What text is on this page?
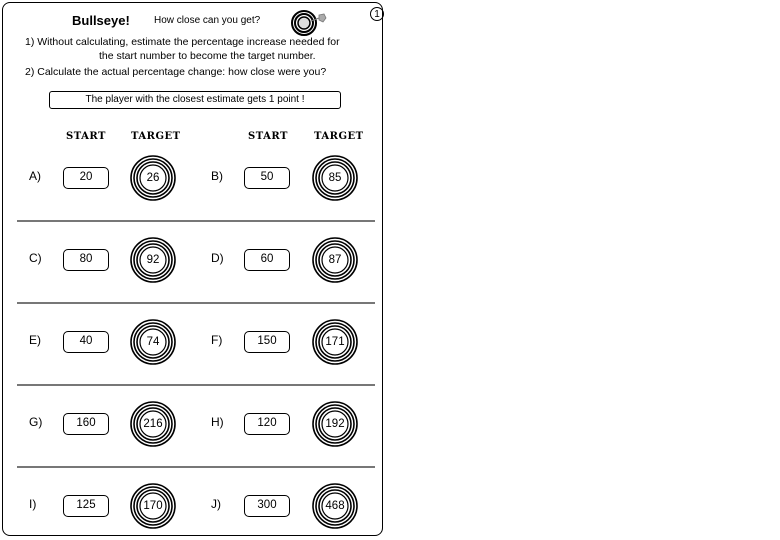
Bullseye! How close can you get?
1
1) Without calculating, estimate the percentage increase needed for
the start number to become the target number.
2) Calculate the actual percentage change: how close were you?
The player with the closest estimate gets 1 point !
START	TARGET	START	TARGET
A)	20	26	B)	50	85
C)	80	92	D)	60	87
E)	40	74	F)	150	171
G)	160	216	H)	120	192
I)	125	170	J)	300	468
